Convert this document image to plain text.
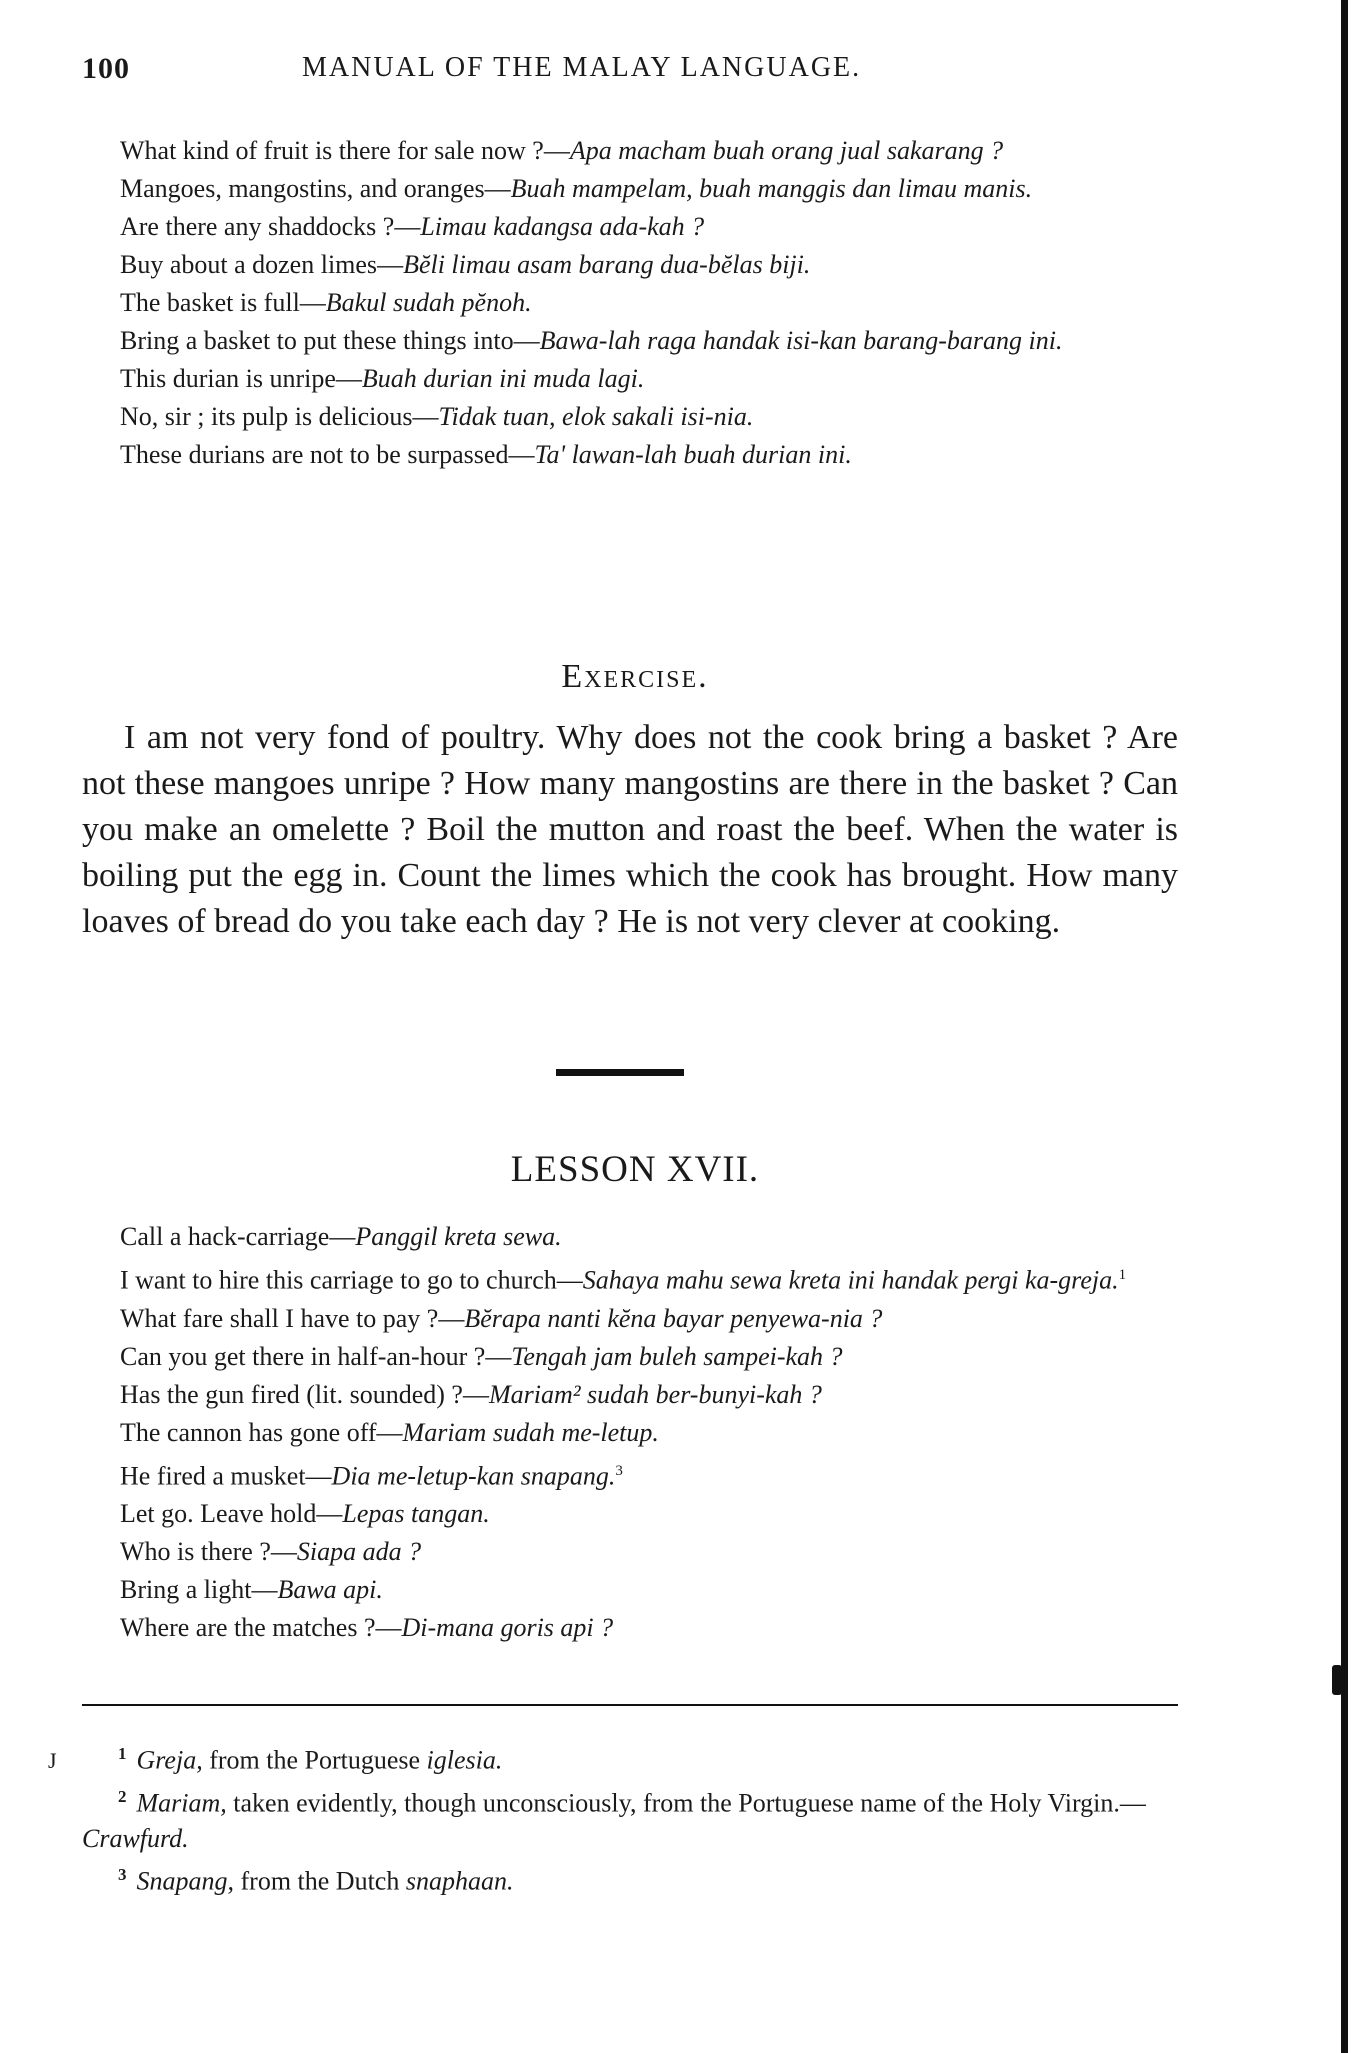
100	MANUAL OF THE MALAY LANGUAGE.
What kind of fruit is there for sale now ?—Apa macham buah orang jual sakarang ?
Mangoes, mangostins, and oranges—Buah mampelam, buah manggis dan limau manis.
Are there any shaddocks ?—Limau kadangsa ada-kah ?
Buy about a dozen limes—Bĕli limau asam barang dua-bĕlas biji.
The basket is full—Bakul sudah pĕnoh.
Bring a basket to put these things into—Bawa-lah raga handak isi-kan barang-barang ini.
This durian is unripe—Buah durian ini muda lagi.
No, sir ; its pulp is delicious—Tidak tuan, elok sakali isi-nia.
These durians are not to be surpassed—Ta' lawan-lah buah durian ini.
Exercise.
I am not very fond of poultry. Why does not the cook bring a basket ? Are not these mangoes unripe ? How many mangostins are there in the basket ? Can you make an omelette ? Boil the mutton and roast the beef. When the water is boiling put the egg in. Count the limes which the cook has brought. How many loaves of bread do you take each day ? He is not very clever at cooking.
LESSON XVII.
Call a hack-carriage—Panggil kreta sewa.
I want to hire this carriage to go to church—Sahaya mahu sewa kreta ini handak pergi ka-greja.$^1$
What fare shall I have to pay ?—Bĕrapa nanti kĕna bayar penyewa-nia ?
Can you get there in half-an-hour ?—Tengah jam buleh sampei-kah ?
Has the gun fired (lit. sounded) ?—Mariam² sudah ber-bunyi-kah ?
The cannon has gone off—Mariam sudah me-letup.
He fired a musket—Dia me-letup-kan snapang.$^3$
Let go. Leave hold—Lepas tangan.
Who is there ?—Siapa ada ?
Bring a light—Bawa api.
Where are the matches ?—Di-mana goris api ?
J	$^1$ Greja, from the Portuguese iglesia.
$^2$ Mariam, taken evidently, though unconsciously, from the Portuguese name of the Holy Virgin.—Crawfurd.
$^3$ Snapang, from the Dutch snaphaan.
